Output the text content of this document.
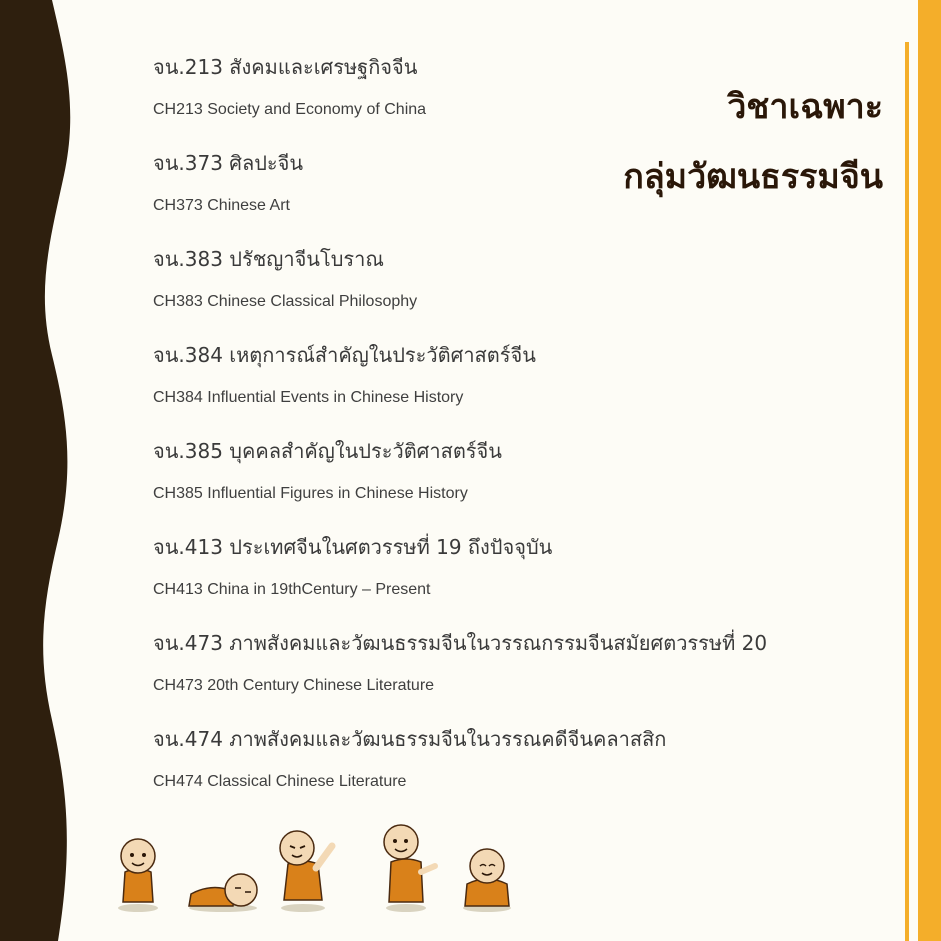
วิชาเฉพาะ
กลุ่มวัฒนธรรมจีน
จน.213 สังคมและเศรษฐกิจจีน
CH213 Society and Economy of China
จน.373 ศิลปะจีน
CH373 Chinese Art
จน.383 ปรัชญาจีนโบราณ
CH383 Chinese Classical Philosophy
จน.384 เหตุการณ์สำคัญในประวัติศาสตร์จีน
CH384 Influential Events in Chinese History
จน.385 บุคคลสำคัญในประวัติศาสตร์จีน
CH385 Influential Figures in Chinese History
จน.413 ประเทศจีนในศตวรรษที่ 19 ถึงปัจจุบัน
CH413 China in 19thCentury – Present
จน.473 ภาพสังคมและวัฒนธรรมจีนในวรรณกรรมจีนสมัยศตวรรษที่ 20
CH473 20th Century Chinese Literature
จน.474 ภาพสังคมและวัฒนธรรมจีนในวรรณคดีจีนคลาสสิก
CH474 Classical Chinese Literature
